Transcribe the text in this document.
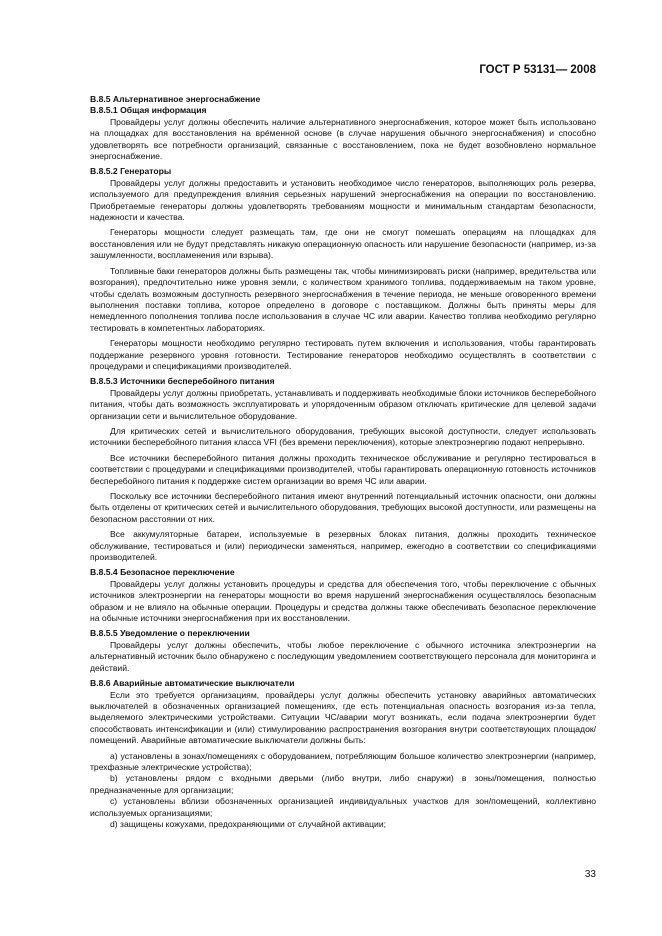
ГОСТ Р 53131— 2008
В.8.5 Альтернативное энергоснабжение
В.8.5.1 Общая информация
Провайдеры услуг должны обеспечить наличие альтернативного энергоснабжения, которое может быть использовано на площадках для восстановления на врéменной основе (в случае нарушения обычного энергоснабжения) и способно удовлетворять все потребности организаций, связанные с восстановлением, пока не будет возобновлено нормальное энергоснабжение.
В.8.5.2 Генераторы
Провайдеры услуг должны предоставить и установить необходимое число генераторов, выполняющих роль резерва, используемого для предупреждения влияния серьезных нарушений энергоснабжения на операции по восстановлению. Приобретаемые генераторы должны удовлетворять требованиям мощности и минимальным стандартам безопасности, надежности и качества.
Генераторы мощности следует размещать там, где они не смогут помешать операциям на площадках для восстановления или не будут представлять никакую операционную опасность или нарушение безопасности (например, из-за зашумленности, воспламенения или взрыва).
Топливные баки генераторов должны быть размещены так, чтобы минимизировать риски (например, вредительства или возгорания), предпочтительно ниже уровня земли, с количеством хранимого топлива, поддерживаемым на таком уровне, чтобы сделать возможным доступность резервного энергоснабжения в течение периода, не меньше оговоренного времени выполнения поставки топлива, которое определено в договоре с поставщиком. Должны быть приняты меры для немедленного пополнения топлива после использования в случае ЧС или аварии. Качество топлива необходимо регулярно тестировать в компетентных лабораториях.
Генераторы мощности необходимо регулярно тестировать путем включения и использования, чтобы гарантировать поддержание резервного уровня готовности. Тестирование генераторов необходимо осуществлять в соответствии с процедурами и спецификациями производителей.
В.8.5.3 Источники бесперебойного питания
Провайдеры услуг должны приобретать, устанавливать и поддерживать необходимые блоки источников бесперебойного питания, чтобы дать возможность эксплуатировать и упорядоченным образом отключать критические для целевой задачи организации сети и вычислительное оборудование.
Для критических сетей и вычислительного оборудования, требующих высокой доступности, следует использовать источники бесперебойного питания класса VFI (без времени переключения), которые электроэнергию подают непрерывно.
Все источники бесперебойного питания должны проходить техническое обслуживание и регулярно тестироваться в соответствии с процедурами и спецификациями производителей, чтобы гарантировать операционную готовность источников бесперебойного питания к поддержке систем организации во время ЧС или аварии.
Поскольку все источники бесперебойного питания имеют внутренний потенциальный источник опасности, они должны быть отделены от критических сетей и вычислительного оборудования, требующих высокой доступности, или размещены на безопасном расстоянии от них.
Все аккумуляторные батареи, используемые в резервных блоках питания, должны проходить техническое обслуживание, тестироваться и (или) периодически заменяться, например, ежегодно в соответствии со спецификациями производителей.
В.8.5.4 Безопасное переключение
Провайдеры услуг должны установить процедуры и средства для обеспечения того, чтобы переключение с обычных источников электроэнергии на генераторы мощности во время нарушений энергоснабжения осуществлялось безопасным образом и не влияло на обычные операции. Процедуры и средства должны также обеспечивать безопасное переключение на обычные источники энергоснабжения при их восстановлении.
В.8.5.5 Уведомление о переключении
Провайдеры услуг должны обеспечить, чтобы любое переключение с обычного источника электроэнергии на альтернативный источник было обнаружено с последующим уведомлением соответствующего персонала для мониторинга и действий.
В.8.6 Аварийные автоматические выключатели
Если это требуется организациям, провайдеры услуг должны обеспечить установку аварийных автоматических выключателей в обозначенных организацией помещениях, где есть потенциальная опасность возгорания из-за тепла, выделяемого электрическими устройствами. Ситуации ЧС/аварии могут возникать, если подача электроэнергии будет способствовать интенсификации и (или) стимулированию распространения возгорания внутри соответствующих площадок/помещений. Аварийные автоматические выключатели должны быть:
а) установлены в зонах/помещениях с оборудованием, потребляющим большое количество электроэнергии (например, трехфазные электрические устройства);
b) установлены рядом с входными дверьми (либо внутри, либо снаружи) в зоны/помещения, полностью предназначенные для организации;
c) установлены вблизи обозначенных организацией индивидуальных участков для зон/помещений, коллективно используемых организациями;
d) защищены кожухами, предохраняющими от случайной активации;
33
